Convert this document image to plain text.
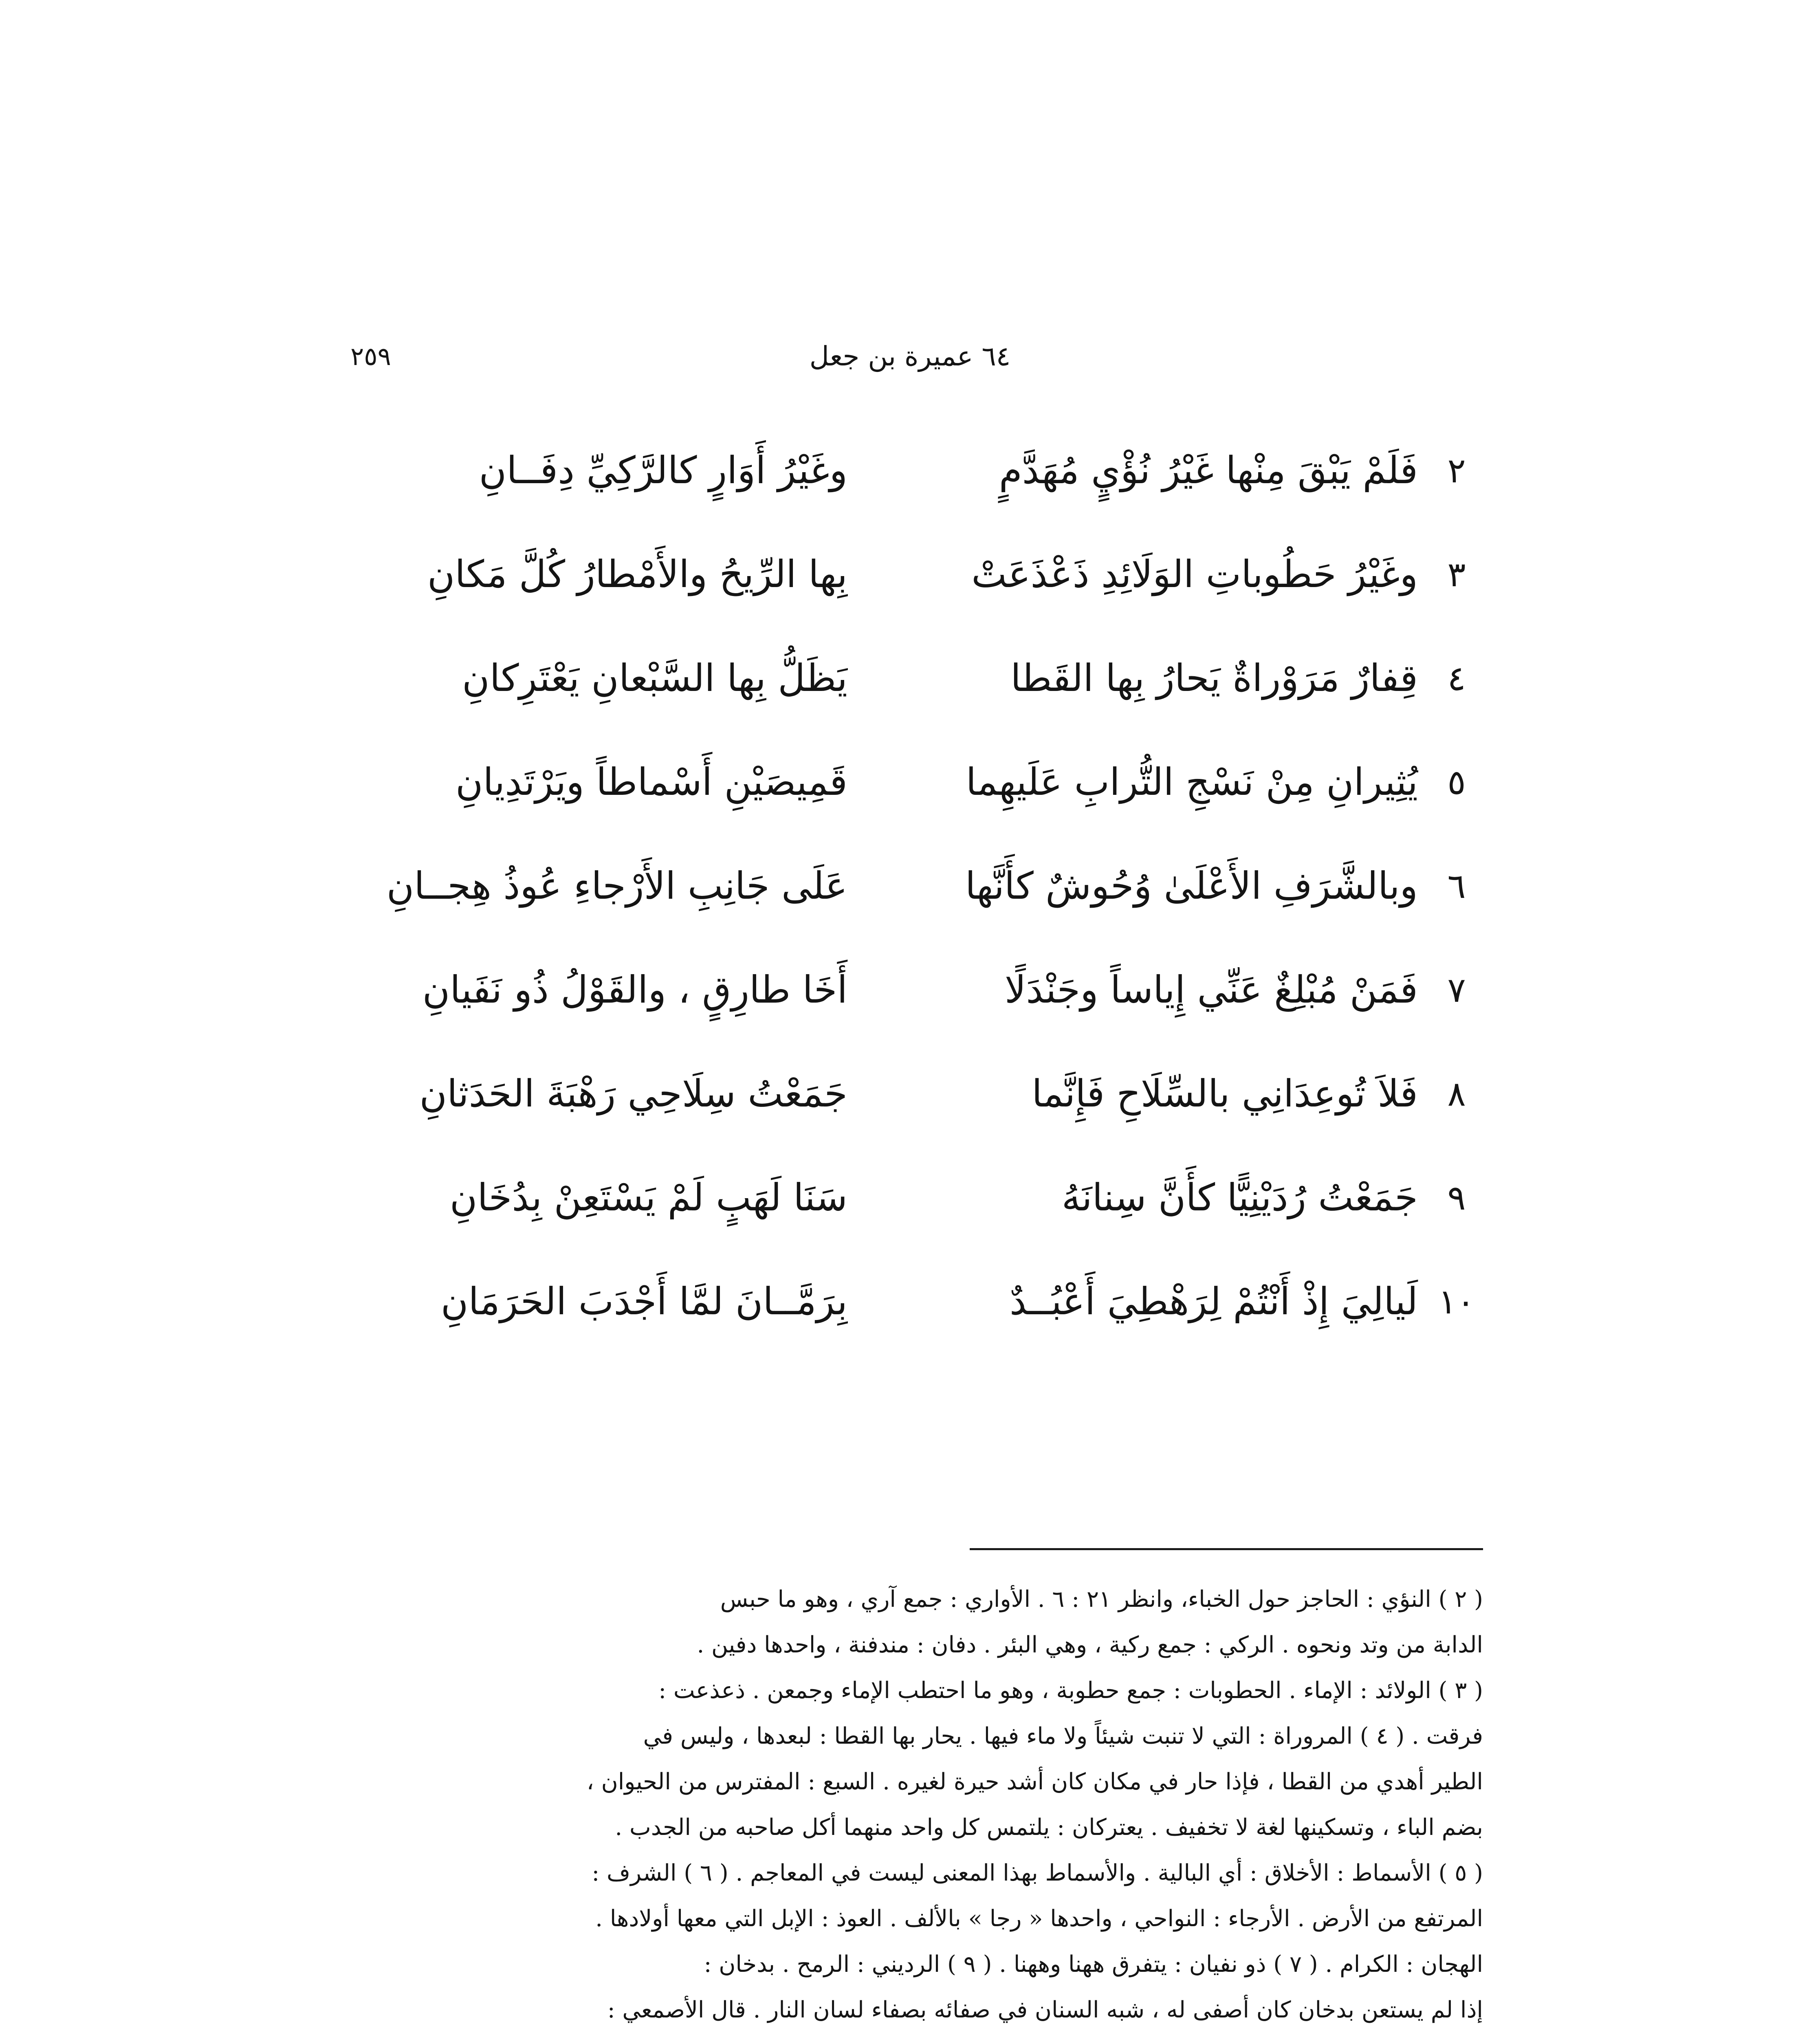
٢٥٩	٦٤ عميرة بن جعل
٢
فَلَمْ يَبْقَ مِنْها غَيْرُ نُؤْيٍ مُهَدَّمٍ
وغَيْرُ أَوَارٍ كالرَّكِيِّ دِفَــانِ
٣
وغَيْرُ حَطُوباتِ الوَلَائِدِ ذَعْذَعَتْ
بِها الرِّيحُ والأَمْطارُ كُلَّ مَكانِ
٤
قِفارٌ مَرَوْراةٌ يَحارُ بِها القَطا
يَظَلُّ بِها السَّبْعانِ يَعْتَرِكانِ
٥
يُثِيرانِ مِنْ نَسْجِ التُّرابِ عَلَيهِما
قَمِيصَيْنِ أَسْماطاً ويَرْتَدِيانِ
٦
وبالشَّرَفِ الأَعْلَىٰ وُحُوشٌ كأَنَّها
عَلَى جَانِبِ الأَرْجاءِ عُوذُ هِجــانِ
٧
فَمَنْ مُبْلِغٌ عَنِّي إِياساً وجَنْدَلًا
أَخَا طارِقٍ ، والقَوْلُ ذُو نَفَيانِ
٨
فَلاَ تُوعِدَانِي بالسِّلَاحِ فَإِنَّما
جَمَعْتُ سِلَاحِي رَهْبَةَ الحَدَثانِ
٩
جَمَعْتُ رُدَيْنِيًّا كأَنَّ سِنانَهُ
سَنَا لَهَبٍ لَمْ يَسْتَعِنْ بِدُخَانِ
١٠
لَيالِيَ إِذْ أَنْتُمْ لِرَهْطِيَ أَعْبُــدٌ
بِرَمَّــانَ لمَّا أَجْدَبَ الحَرَمَانِ
( ٢ ) النؤي : الحاجز حول الخباء، وانظر ٢١ : ٦ . الأواري : جمع آري ، وهو ما حبس
الدابة من وتد ونحوه . الركي : جمع ركية ، وهي البئر . دفان : مندفنة ، واحدها دفين .
( ٣ ) الولائد : الإماء . الحطوبات : جمع حطوبة ، وهو ما احتطب الإماء وجمعن . ذعذعت :
فرقت . ( ٤ ) المروراة : التي لا تنبت شيئاً ولا ماء فيها . يحار بها القطا : لبعدها ، وليس في
الطير أهدي من القطا ، فإذا حار في مكان كان أشد حيرة لغيره . السبع : المفترس من الحيوان ،
بضم الباء ، وتسكينها لغة لا تخفيف . يعتركان : يلتمس كل واحد منهما أكل صاحبه من الجدب .
( ٥ ) الأسماط : الأخلاق : أي البالية . والأسماط بهذا المعنى ليست في المعاجم . ( ٦ ) الشرف :
المرتفع من الأرض . الأرجاء : النواحي ، واحدها « رجا » بالألف . العوذ : الإبل التي معها أولادها .
الهجان : الكرام . ( ٧ ) ذو نفيان : يتفرق ههنا وههنا . ( ٩ ) الرديني : الرمح . بدخان :
إذا لم يستعن بدخان كان أصفى له ، شبه السنان في صفائه بصفاء لسان النار . قال الأصمعي :
